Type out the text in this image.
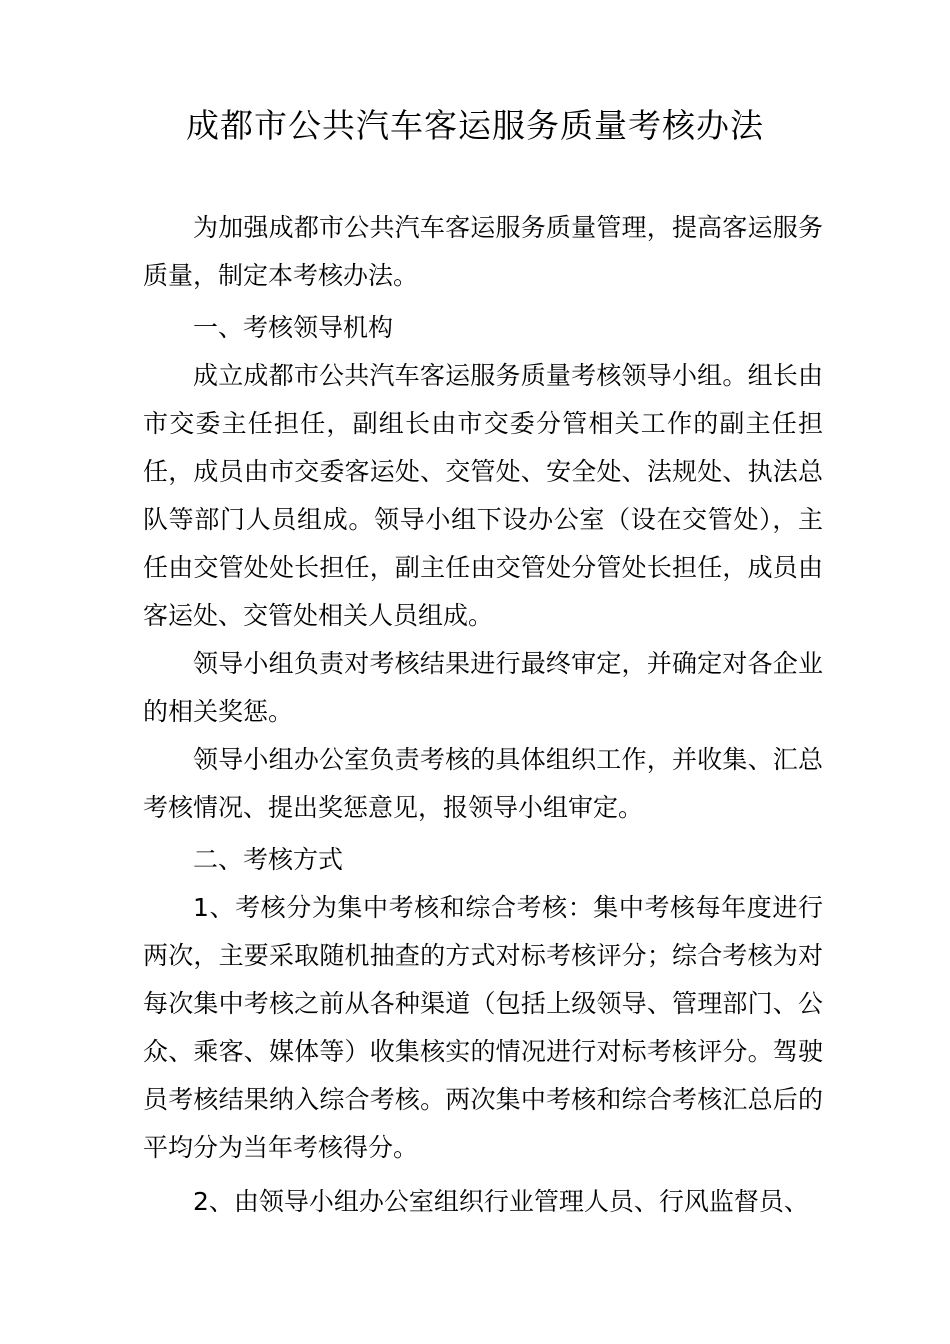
成都市公共汽车客运服务质量考核办法

为加强成都市公共汽车客运服务质量管理，提高客运服务质量，制定本考核办法。

一、考核领导机构

成立成都市公共汽车客运服务质量考核领导小组。组长由市交委主任担任，副组长由市交委分管相关工作的副主任担任，成员由市交委客运处、交管处、安全处、法规处、执法总队等部门人员组成。领导小组下设办公室（设在交管处），主任由交管处处长担任，副主任由交管处分管处长担任，成员由客运处、交管处相关人员组成。

领导小组负责对考核结果进行最终审定，并确定对各企业的相关奖惩。

领导小组办公室负责考核的具体组织工作，并收集、汇总考核情况、提出奖惩意见，报领导小组审定。

二、考核方式

1、考核分为集中考核和综合考核：集中考核每年度进行两次，主要采取随机抽查的方式对标考核评分；综合考核为对每次集中考核之前从各种渠道（包括上级领导、管理部门、公众、乘客、媒体等）收集核实的情况进行对标考核评分。驾驶员考核结果纳入综合考核。两次集中考核和综合考核汇总后的平均分为当年考核得分。

2、由领导小组办公室组织行业管理人员、行风监督员、
